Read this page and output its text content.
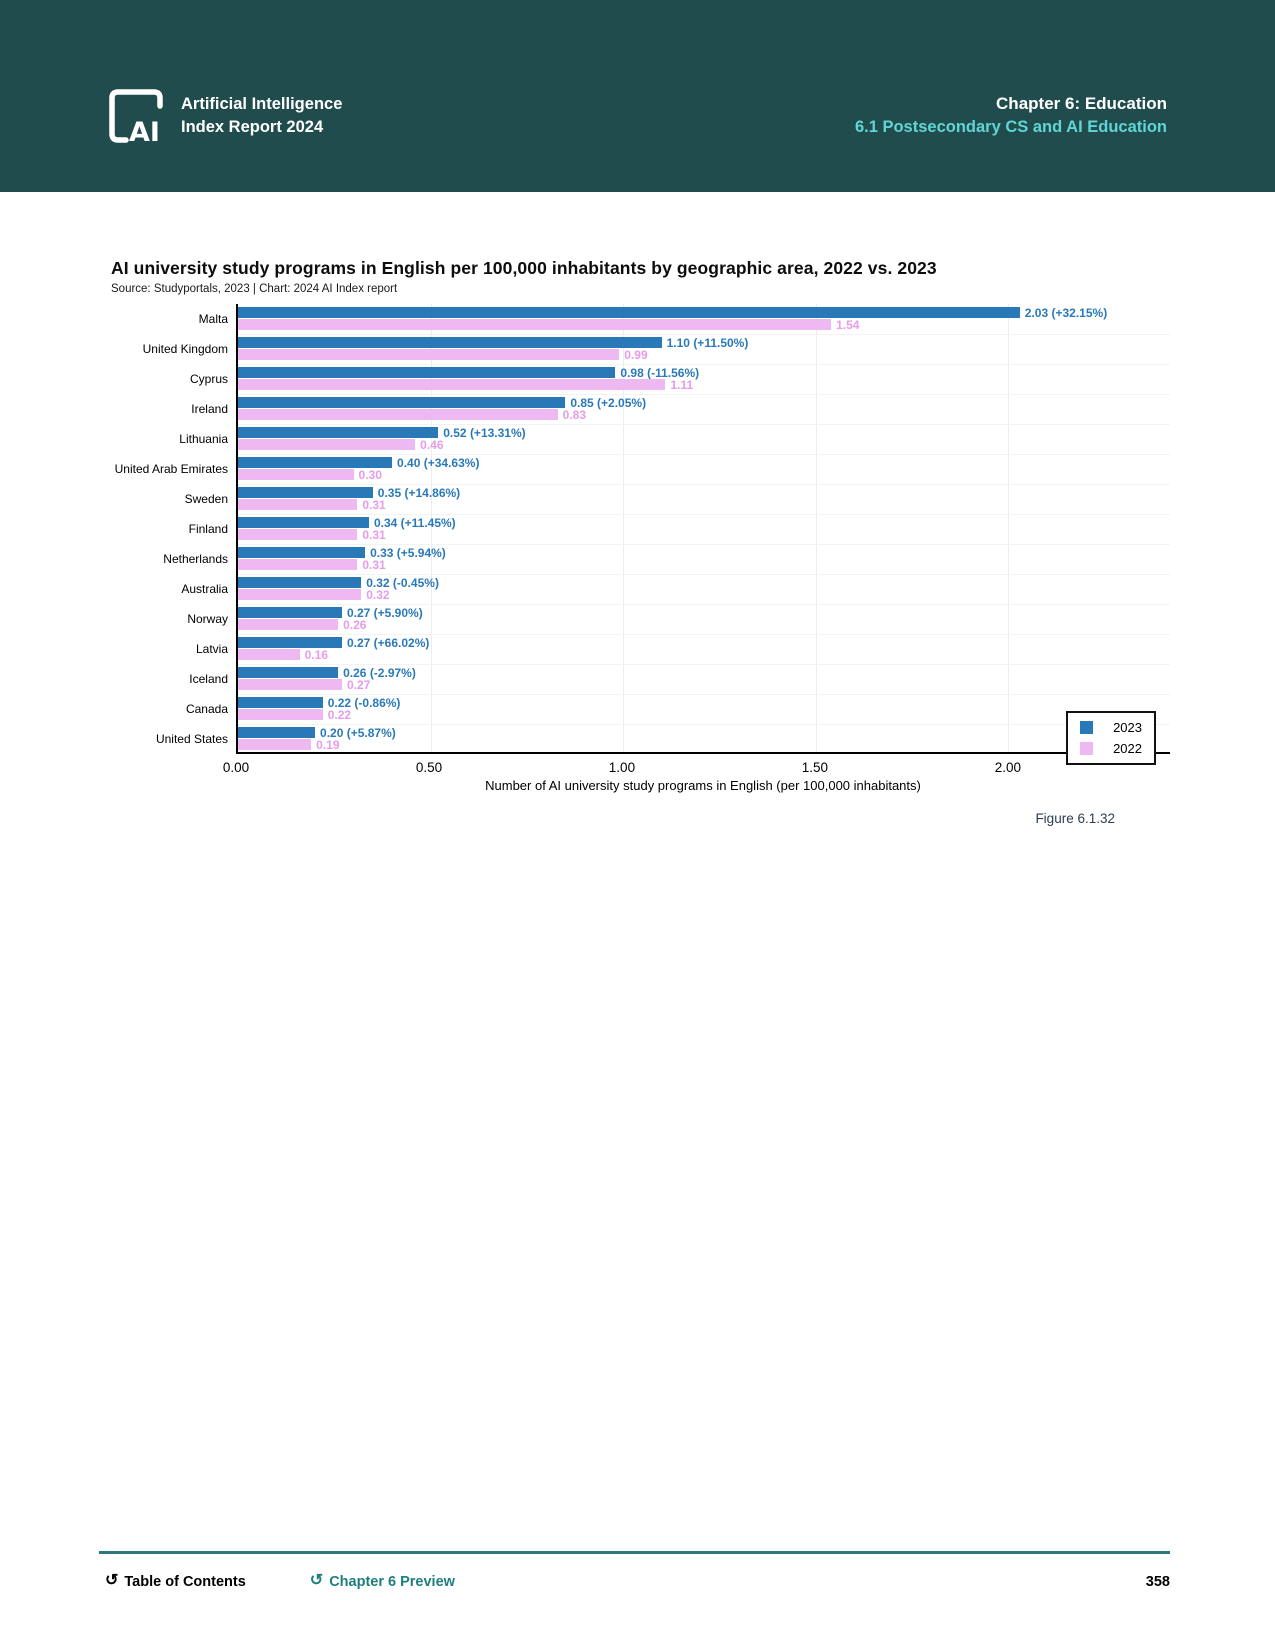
AI
Artificial Intelligence
Index Report 2024
Chapter 6: Education
6.1 Postsecondary CS and AI Education
AI university study programs in English per 100,000 inhabitants by geographic area, 2022 vs. 2023
Source: Studyportals, 2023 | Chart: 2024 AI Index report
Malta
United Kingdom
Cyprus
Ireland
Lithuania
United Arab Emirates
Sweden
Finland
Netherlands
Australia
Norway
Latvia
Iceland
Canada
United States
2023
2022
2.03 (+32.15%)
1.54
1.10 (+11.50%)
0.99
0.98 (-11.56%)
1.11
0.85 (+2.05%)
0.83
0.52 (+13.31%)
0.46
0.40 (+34.63%)
0.30
0.35 (+14.86%)
0.31
0.34 (+11.45%)
0.31
0.33 (+5.94%)
0.31
0.32 (-0.45%)
0.32
0.27 (+5.90%)
0.26
0.27 (+66.02%)
0.16
0.26 (-2.97%)
0.27
0.22 (-0.86%)
0.22
0.20 (+5.87%)
0.19
0.00	0.50	1.00	1.50	2.00
Number of AI university study programs in English (per 100,000 inhabitants)
Figure 6.1.32
↺ Table of Contents	↺ Chapter 6 Preview	358
